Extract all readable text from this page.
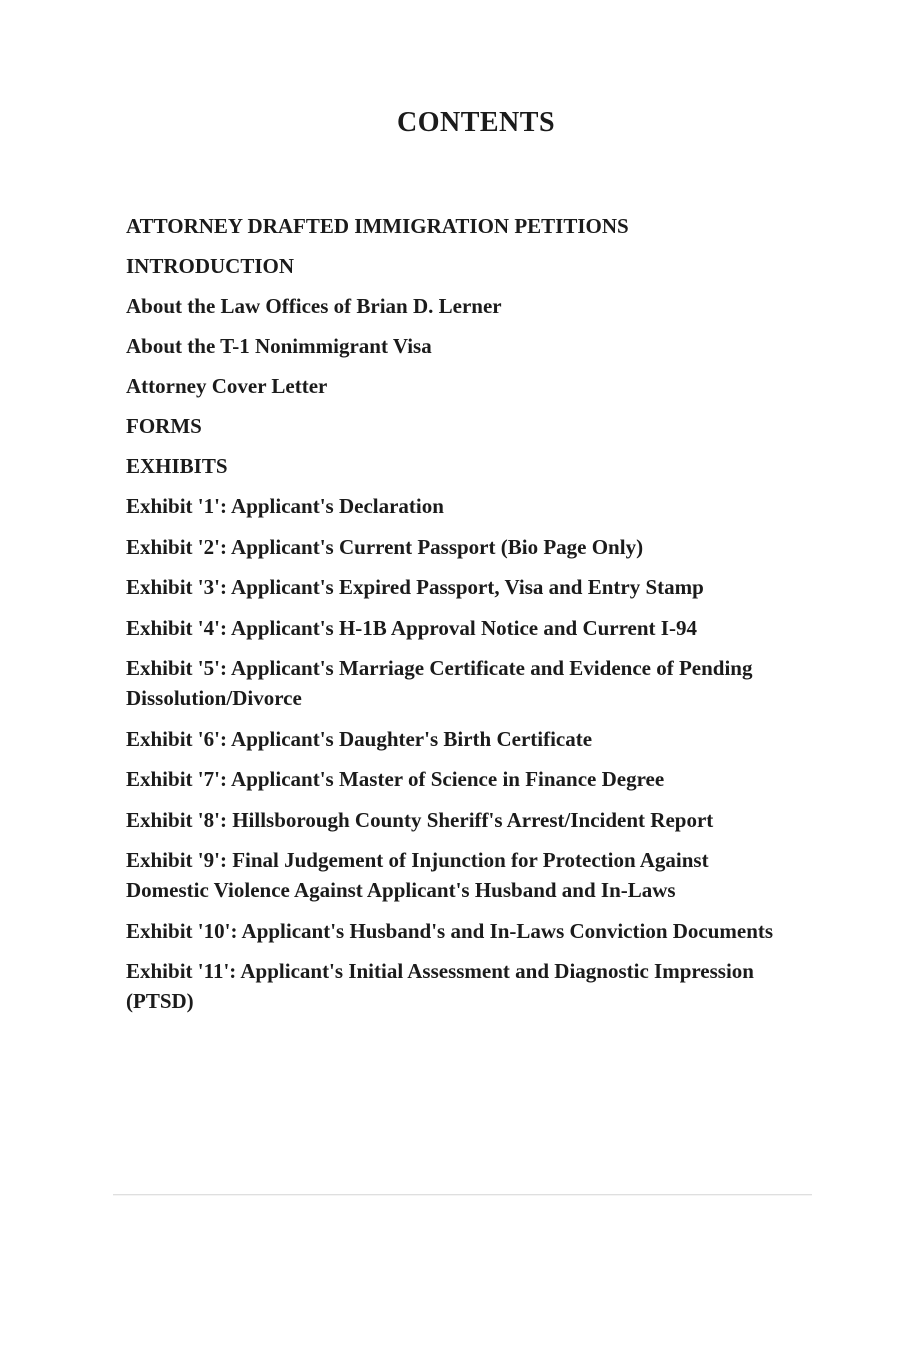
CONTENTS

ATTORNEY DRAFTED IMMIGRATION PETITIONS

INTRODUCTION

About the Law Offices of Brian D. Lerner

About the T-1 Nonimmigrant Visa

Attorney Cover Letter

FORMS

EXHIBITS

Exhibit '1': Applicant's Declaration

Exhibit '2': Applicant's Current Passport (Bio Page Only)

Exhibit '3': Applicant's Expired Passport, Visa and Entry Stamp

Exhibit '4': Applicant's H-1B Approval Notice and Current I-94

Exhibit '5': Applicant's Marriage Certificate and Evidence of Pending
Dissolution/Divorce

Exhibit '6': Applicant's Daughter's Birth Certificate

Exhibit '7': Applicant's Master of Science in Finance Degree

Exhibit '8': Hillsborough County Sheriff's Arrest/Incident Report

Exhibit '9': Final Judgement of Injunction for Protection Against
Domestic Violence Against Applicant's Husband and In-Laws

Exhibit '10': Applicant's Husband's and In-Laws Conviction Documents

Exhibit '11': Applicant's Initial Assessment and Diagnostic Impression
(PTSD)
